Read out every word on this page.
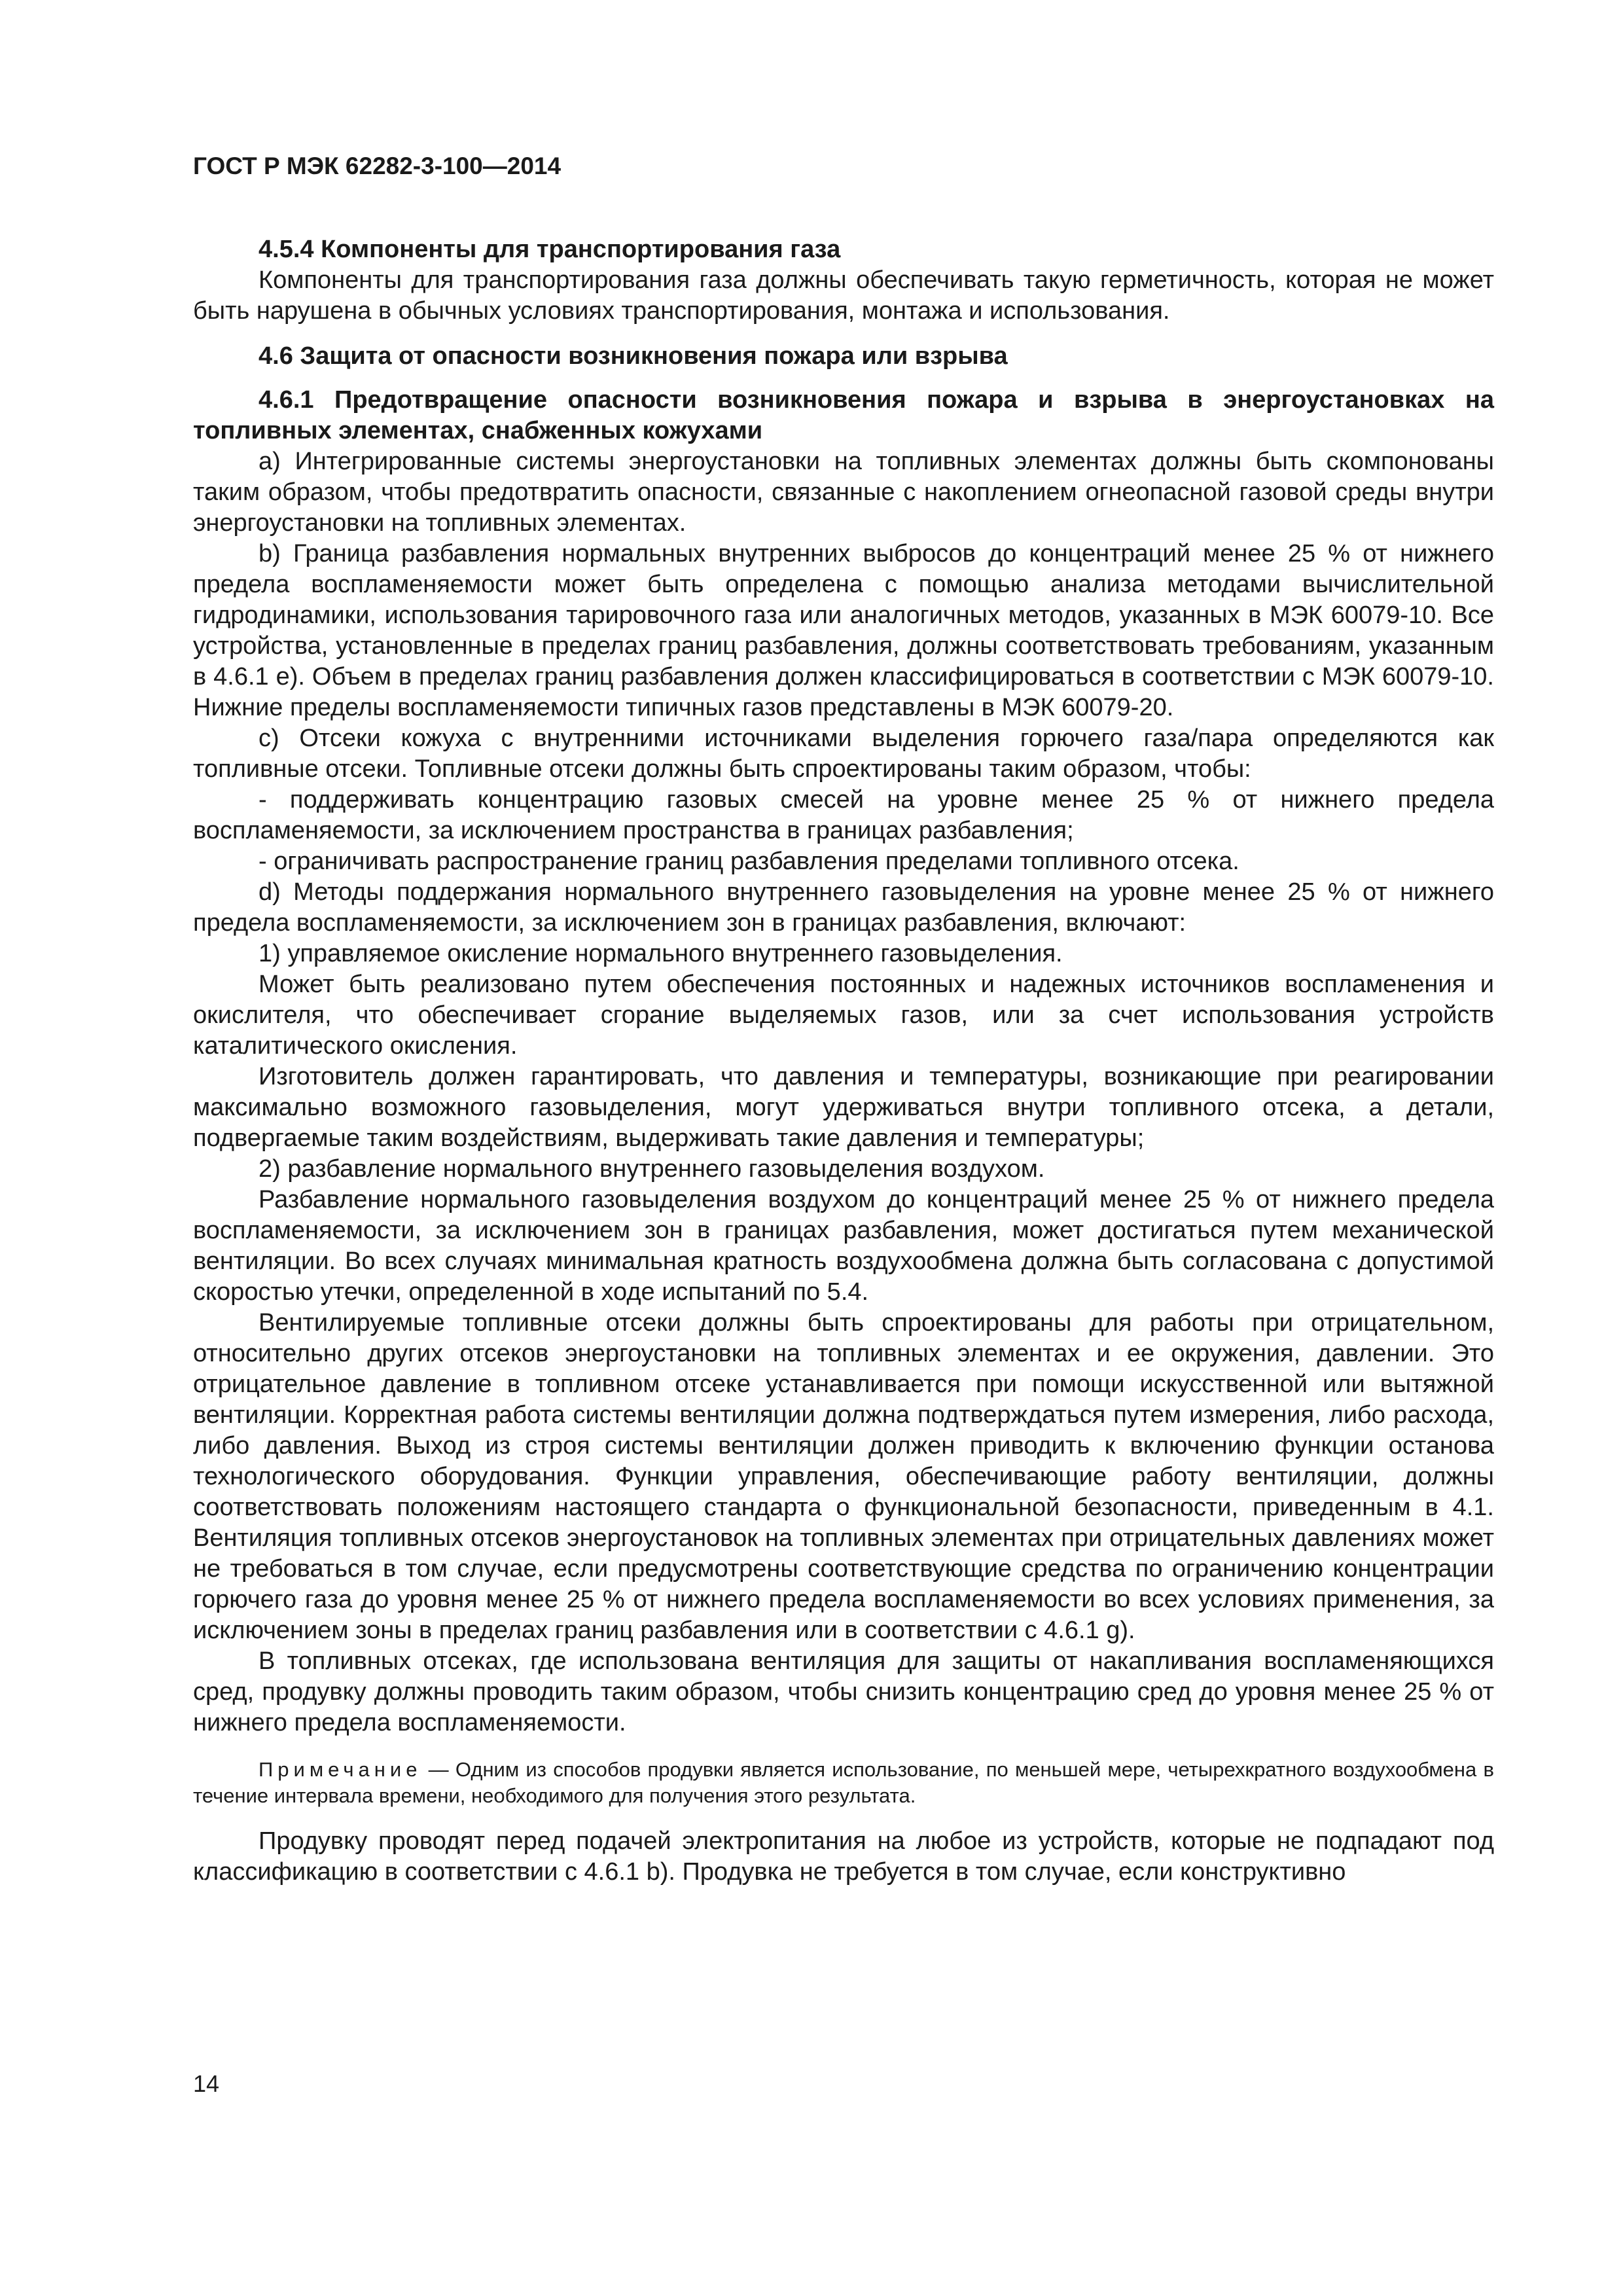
ГОСТ Р МЭК 62282-3-100—2014

4.5.4 Компоненты для транспортирования газа

Компоненты для транспортирования газа должны обеспечивать такую герметичность, которая не может быть нарушена в обычных условиях транспортирования, монтажа и использования.

4.6 Защита от опасности возникновения пожара или взрыва

4.6.1 Предотвращение опасности возникновения пожара и взрыва в энергоустановках на топливных элементах, снабженных кожухами

а) Интегрированные системы энергоустановки на топливных элементах должны быть скомпонованы таким образом, чтобы предотвратить опасности, связанные с накоплением огнеопасной газовой среды внутри энергоустановки на топливных элементах.

b) Граница разбавления нормальных внутренних выбросов до концентраций менее 25 % от нижнего предела воспламеняемости может быть определена с помощью анализа методами вычислительной гидродинамики, использования тарировочного газа или аналогичных методов, указанных в МЭК 60079-10. Все устройства, установленные в пределах границ разбавления, должны соответствовать требованиям, указанным в 4.6.1 е). Объем в пределах границ разбавления должен классифицироваться в соответствии с МЭК 60079-10. Нижние пределы воспламеняемости типичных газов представлены в МЭК 60079-20.

с) Отсеки кожуха с внутренними источниками выделения горючего газа/пара определяются как топливные отсеки. Топливные отсеки должны быть спроектированы таким образом, чтобы:

- поддерживать концентрацию газовых смесей на уровне менее 25 % от нижнего предела воспламеняемости, за исключением пространства в границах разбавления;

- ограничивать распространение границ разбавления пределами топливного отсека.

d) Методы поддержания нормального внутреннего газовыделения на уровне менее 25 % от нижнего предела воспламеняемости, за исключением зон в границах разбавления, включают:

1) управляемое окисление нормального внутреннего газовыделения.

Может быть реализовано путем обеспечения постоянных и надежных источников воспламенения и окислителя, что обеспечивает сгорание выделяемых газов, или за счет использования устройств каталитического окисления.

Изготовитель должен гарантировать, что давления и температуры, возникающие при реагировании максимально возможного газовыделения, могут удерживаться внутри топливного отсека, а детали, подвергаемые таким воздействиям, выдерживать такие давления и температуры;

2) разбавление нормального внутреннего газовыделения воздухом.

Разбавление нормального газовыделения воздухом до концентраций менее 25 % от нижнего предела воспламеняемости, за исключением зон в границах разбавления, может достигаться путем механической вентиляции. Во всех случаях минимальная кратность воздухообмена должна быть согласована с допустимой скоростью утечки, определенной в ходе испытаний по 5.4.

Вентилируемые топливные отсеки должны быть спроектированы для работы при отрицательном, относительно других отсеков энергоустановки на топливных элементах и ее окружения, давлении. Это отрицательное давление в топливном отсеке устанавливается при помощи искусственной или вытяжной вентиляции. Корректная работа системы вентиляции должна подтверждаться путем измерения, либо расхода, либо давления. Выход из строя системы вентиляции должен приводить к включению функции останова технологического оборудования. Функции управления, обеспечивающие работу вентиляции, должны соответствовать положениям настоящего стандарта о функциональной безопасности, приведенным в 4.1. Вентиляция топливных отсеков энергоустановок на топливных элементах при отрицательных давлениях может не требоваться в том случае, если предусмотрены соответствующие средства по ограничению концентрации горючего газа до уровня менее 25 % от нижнего предела воспламеняемости во всех условиях применения, за исключением зоны в пределах границ разбавления или в соответствии с 4.6.1 g).

В топливных отсеках, где использована вентиляция для защиты от накапливания воспламеняющихся сред, продувку должны проводить таким образом, чтобы снизить концентрацию сред до уровня менее 25 % от нижнего предела воспламеняемости.

Примечание — Одним из способов продувки является использование, по меньшей мере, четырехкратного воздухообмена в течение интервала времени, необходимого для получения этого результата.

Продувку проводят перед подачей электропитания на любое из устройств, которые не подпадают под классификацию в соответствии с 4.6.1 b). Продувка не требуется в том случае, если конструктивно

14
